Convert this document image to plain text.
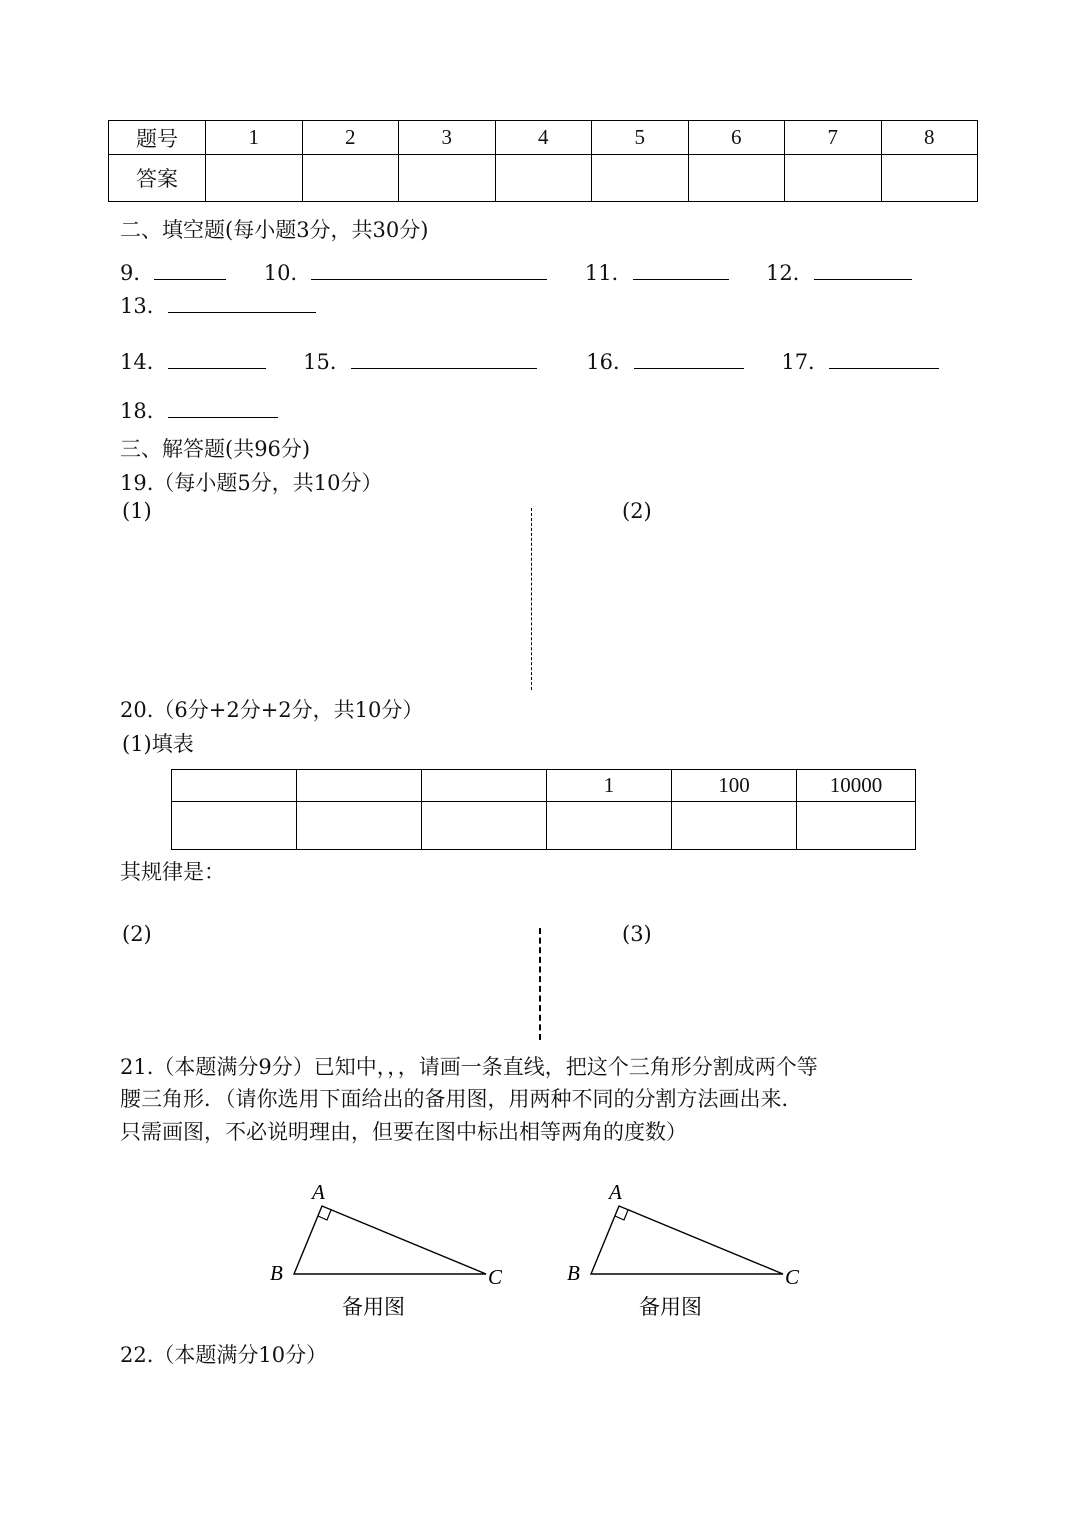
题号	1	2	3	4	5	6	7	8
答案								
二、填空题(每小题3分，共30分)
9．	10．	11．	12．
13．
14．	15．	16．	17．
18．
三、解答题(共96分)
19.（每小题5分，共10分）
(1)	(2)
20.（6分+2分+2分，共10分）
(1)填表
			1	100	10000

其规律是：
(2)	(3)
21.（本题满分9分）已知中，，，请画一条直线，把这个三角形分割成两个等
腰三角形．（请你选用下面给出的备用图，用两种不同的分割方法画出来．
只需画图，不必说明理由，但要在图中标出相等两角的度数）
A
B	C
备用图
A
B	C
备用图
22.（本题满分10分）
